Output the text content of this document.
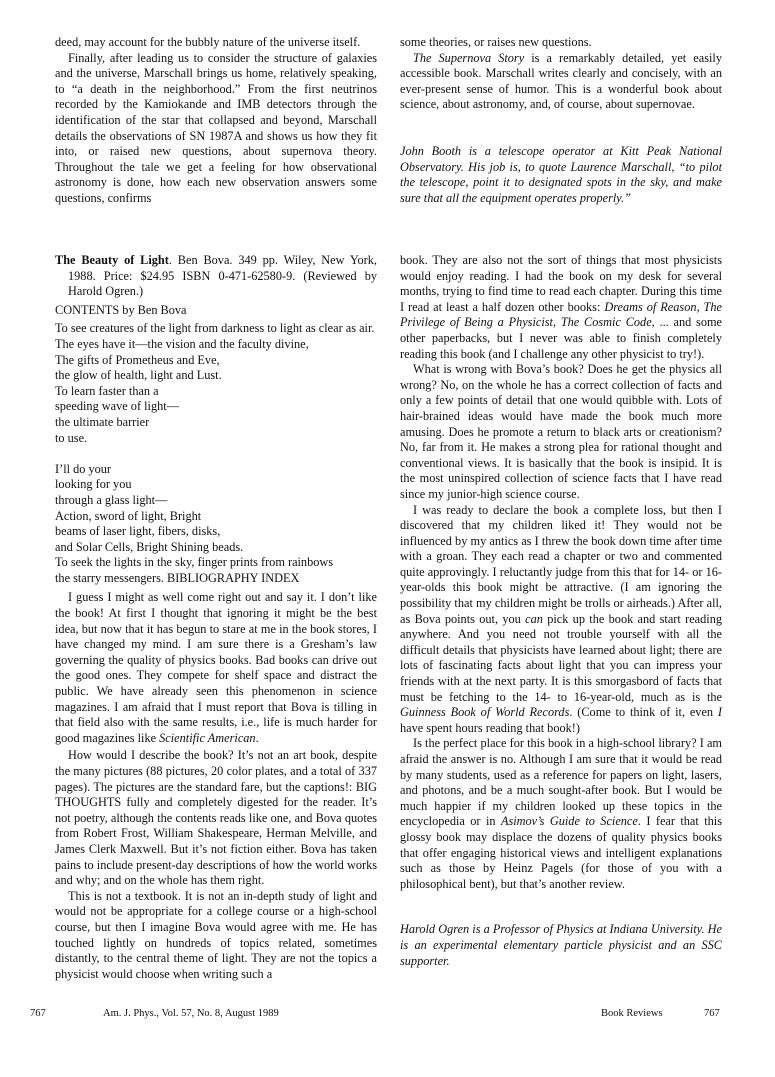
deed, may account for the bubbly nature of the universe itself.

Finally, after leading us to consider the structure of galaxies and the universe, Marschall brings us home, relatively speaking, to “a death in the neighborhood.” From the first neutrinos recorded by the Kamiokande and IMB detectors through the identification of the star that collapsed and beyond, Marschall details the observations of SN 1987A and shows us how they fit into, or raised new questions, about supernova theory. Throughout the tale we get a feeling for how observational astronomy is done, how each new observation answers some questions, confirms

some theories, or raises new questions.

The Supernova Story is a remarkably detailed, yet easily accessible book. Marschall writes clearly and concisely, with an ever-present sense of humor. This is a wonderful book about science, about astronomy, and, of course, about supernovae.

John Booth is a telescope operator at Kitt Peak National Observatory. His job is, to quote Laurence Marschall, “to pilot the telescope, point it to designated spots in the sky, and make sure that all the equipment operates properly.”

The Beauty of Light. Ben Bova. 349 pp. Wiley, New York, 1988. Price: $24.95 ISBN 0-471-62580-9. (Reviewed by Harold Ogren.)

CONTENTS by Ben Bova

To see creatures of the light from darkness to light as clear as air.

The eyes have it—the vision and the faculty divine,

The gifts of Prometheus and Eve,

the glow of health, light and Lust.

To learn faster than a

speeding wave of light—

the ultimate barrier

to use.

I’ll do your

looking for you

through a glass light—

Action, sword of light, Bright

beams of laser light, fibers, disks,

and Solar Cells, Bright Shining beads.

To seek the lights in the sky, finger prints from rainbows

the starry messengers. BIBLIOGRAPHY INDEX

I guess I might as well come right out and say it. I don’t like the book! At first I thought that ignoring it might be the best idea, but now that it has begun to stare at me in the book stores, I have changed my mind. I am sure there is a Gresham’s law governing the quality of physics books. Bad books can drive out the good ones. They compete for shelf space and distract the public. We have already seen this phenomenon in science magazines. I am afraid that I must report that Bova is tilling in that field also with the same results, i.e., life is much harder for good magazines like Scientific American.

How would I describe the book? It’s not an art book, despite the many pictures (88 pictures, 20 color plates, and a total of 337 pages). The pictures are the standard fare, but the captions!: BIG THOUGHTS fully and completely digested for the reader. It’s not poetry, although the contents reads like one, and Bova quotes from Robert Frost, William Shakespeare, Herman Melville, and James Clerk Maxwell. But it’s not fiction either. Bova has taken pains to include present-day descriptions of how the world works and why; and on the whole has them right.

This is not a textbook. It is not an in-depth study of light and would not be appropriate for a college course or a high-school course, but then I imagine Bova would agree with me. He has touched lightly on hundreds of topics related, sometimes distantly, to the central theme of light. They are not the topics a physicist would choose when writing such a

book. They are also not the sort of things that most physicists would enjoy reading. I had the book on my desk for several months, trying to find time to read each chapter. During this time I read at least a half dozen other books: Dreams of Reason, The Privilege of Being a Physicist, The Cosmic Code, ... and some other paperbacks, but I never was able to finish completely reading this book (and I challenge any other physicist to try!).

What is wrong with Bova’s book? Does he get the physics all wrong? No, on the whole he has a correct collection of facts and only a few points of detail that one would quibble with. Lots of hair-brained ideas would have made the book much more amusing. Does he promote a return to black arts or creationism? No, far from it. He makes a strong plea for rational thought and conventional views. It is basically that the book is insipid. It is the most uninspired collection of science facts that I have read since my junior-high science course.

I was ready to declare the book a complete loss, but then I discovered that my children liked it! They would not be influenced by my antics as I threw the book down time after time with a groan. They each read a chapter or two and commented quite approvingly. I reluctantly judge from this that for 14- or 16-year-olds this book might be attractive. (I am ignoring the possibility that my children might be trolls or airheads.) After all, as Bova points out, you can pick up the book and start reading anywhere. And you need not trouble yourself with all the difficult details that physicists have learned about light; there are lots of fascinating facts about light that you can impress your friends with at the next party. It is this smorgasbord of facts that must be fetching to the 14- to 16-year-old, much as is the Guinness Book of World Records. (Come to think of it, even I have spent hours reading that book!)

Is the perfect place for this book in a high-school library? I am afraid the answer is no. Although I am sure that it would be read by many students, used as a reference for papers on light, lasers, and photons, and be a much sought-after book. But I would be much happier if my children looked up these topics in the encyclopedia or in Asimov’s Guide to Science. I fear that this glossy book may displace the dozens of quality physics books that offer engaging historical views and intelligent explanations such as those by Heinz Pagels (for those of you with a philosophical bent), but that’s another review.

Harold Ogren is a Professor of Physics at Indiana University. He is an experimental elementary particle physicist and an SSC supporter.

767	Am. J. Phys., Vol. 57, No. 8, August 1989	Book Reviews	767
